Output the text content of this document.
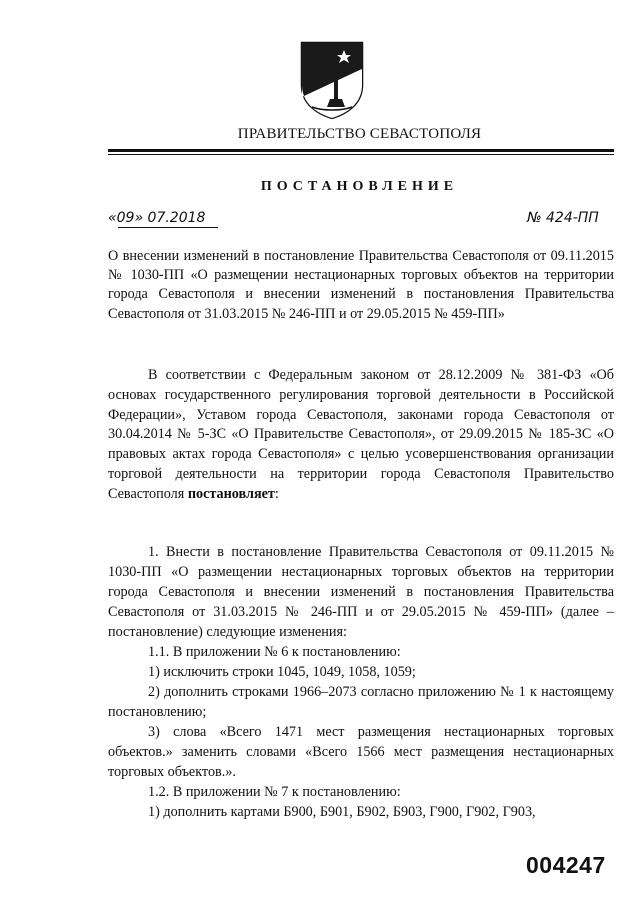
ПРАВИТЕЛЬСТВО СЕВАСТОПОЛЯ
ПОСТАНОВЛЕНИЕ
«09» 07.2018	№ 424-ПП
О внесении изменений в постановление Правительства Севастополя от 09.11.2015 № 1030-ПП «О размещении нестационарных торговых объектов на территории города Севастополя и внесении изменений в постановления Правительства Севастополя от 31.03.2015 № 246-ПП и от 29.05.2015 № 459-ПП»
В соответствии с Федеральным законом от 28.12.2009 № 381-ФЗ «Об основах государственного регулирования торговой деятельности в Российской Федерации», Уставом города Севастополя, законами города Севастополя от 30.04.2014 № 5-ЗС «О Правительстве Севастополя», от 29.09.2015 № 185-ЗС «О правовых актах города Севастополя» с целью усовершенствования организации торговой деятельности на территории города Севастополя Правительство Севастополя постановляет:

1. Внести в постановление Правительства Севастополя от 09.11.2015 № 1030-ПП «О размещении нестационарных торговых объектов на территории города Севастополя и внесении изменений в постановления Правительства Севастополя от 31.03.2015 № 246-ПП и от 29.05.2015 № 459-ПП» (далее – постановление) следующие изменения:

1.1. В приложении № 6 к постановлению:

1) исключить строки 1045, 1049, 1058, 1059;

2) дополнить строками 1966–2073 согласно приложению № 1 к настоящему постановлению;

3) слова «Всего 1471 мест размещения нестационарных торговых объектов.» заменить словами «Всего 1566 мест размещения нестационарных торговых объектов.».

1.2. В приложении № 7 к постановлению:

1) дополнить картами Б900, Б901, Б902, Б903, Г900, Г902, Г903,

004247
